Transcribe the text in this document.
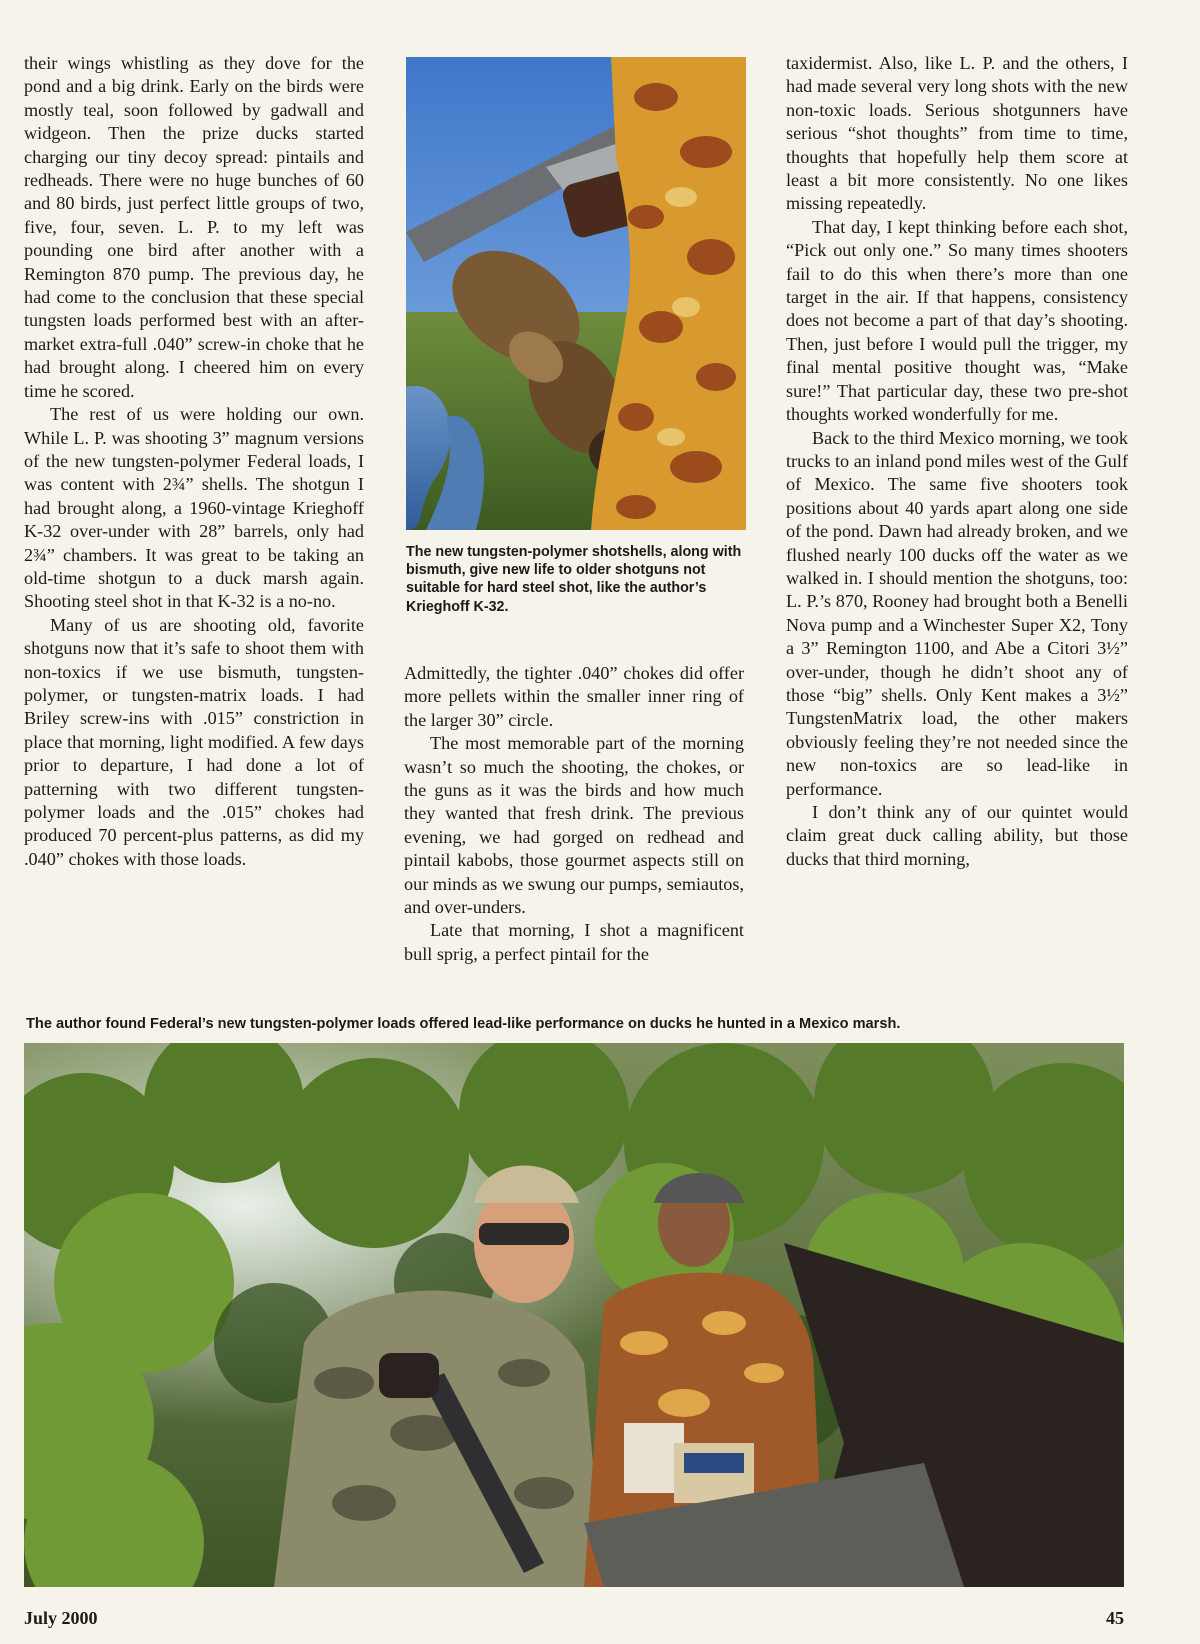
their wings whistling as they dove for the pond and a big drink. Early on the birds were mostly teal, soon followed by gadwall and widgeon. Then the prize ducks started charging our tiny decoy spread: pintails and redheads. There were no huge bunches of 60 and 80 birds, just perfect little groups of two, five, four, seven. L. P. to my left was pounding one bird after another with a Remington 870 pump. The previous day, he had come to the conclusion that these special tungsten loads performed best with an after-market extra-full .040” screw-in choke that he had brought along. I cheered him on every time he scored.

The rest of us were holding our own. While L. P. was shooting 3” magnum versions of the new tungsten-polymer Federal loads, I was content with 2¾” shells. The shotgun I had brought along, a 1960-vintage Krieghoff K-32 over-under with 28” barrels, only had 2¾” chambers. It was great to be taking an old-time shotgun to a duck marsh again. Shooting steel shot in that K-32 is a no-no.

Many of us are shooting old, favorite shotguns now that it’s safe to shoot them with non-toxics if we use bismuth, tungsten-polymer, or tungsten-matrix loads. I had Briley screw-ins with .015” constriction in place that morning, light modified. A few days prior to departure, I had done a lot of patterning with two different tungsten-polymer loads and the .015” chokes had produced 70 percent-plus patterns, as did my .040” chokes with those loads.

The new tungsten-polymer shotshells, along with bismuth, give new life to older shotguns not suitable for hard steel shot, like the author’s Krieghoff K-32.

Admittedly, the tighter .040” chokes did offer more pellets within the smaller inner ring of the larger 30” circle.

The most memorable part of the morning wasn’t so much the shooting, the chokes, or the guns as it was the birds and how much they wanted that fresh drink. The previous evening, we had gorged on redhead and pintail kabobs, those gourmet aspects still on our minds as we swung our pumps, semiautos, and over-unders.

Late that morning, I shot a magnificent bull sprig, a perfect pintail for the

taxidermist. Also, like L. P. and the others, I had made several very long shots with the new non-toxic loads. Serious shotgunners have serious “shot thoughts” from time to time, thoughts that hopefully help them score at least a bit more consistently. No one likes missing repeatedly.

That day, I kept thinking before each shot, “Pick out only one.” So many times shooters fail to do this when there’s more than one target in the air. If that happens, consistency does not become a part of that day’s shooting. Then, just before I would pull the trigger, my final mental positive thought was, “Make sure!” That particular day, these two pre-shot thoughts worked wonderfully for me.

Back to the third Mexico morning, we took trucks to an inland pond miles west of the Gulf of Mexico. The same five shooters took positions about 40 yards apart along one side of the pond. Dawn had already broken, and we flushed nearly 100 ducks off the water as we walked in. I should mention the shotguns, too: L. P.’s 870, Rooney had brought both a Benelli Nova pump and a Winchester Super X2, Tony a 3” Remington 1100, and Abe a Citori 3½” over-under, though he didn’t shoot any of those “big” shells. Only Kent makes a 3½” TungstenMatrix load, the other makers obviously feeling they’re not needed since the new non-toxics are so lead-like in performance.

I don’t think any of our quintet would claim great duck calling ability, but those ducks that third morning,

The author found Federal’s new tungsten-polymer loads offered lead-like performance on ducks he hunted in a Mexico marsh.
July 2000	45
